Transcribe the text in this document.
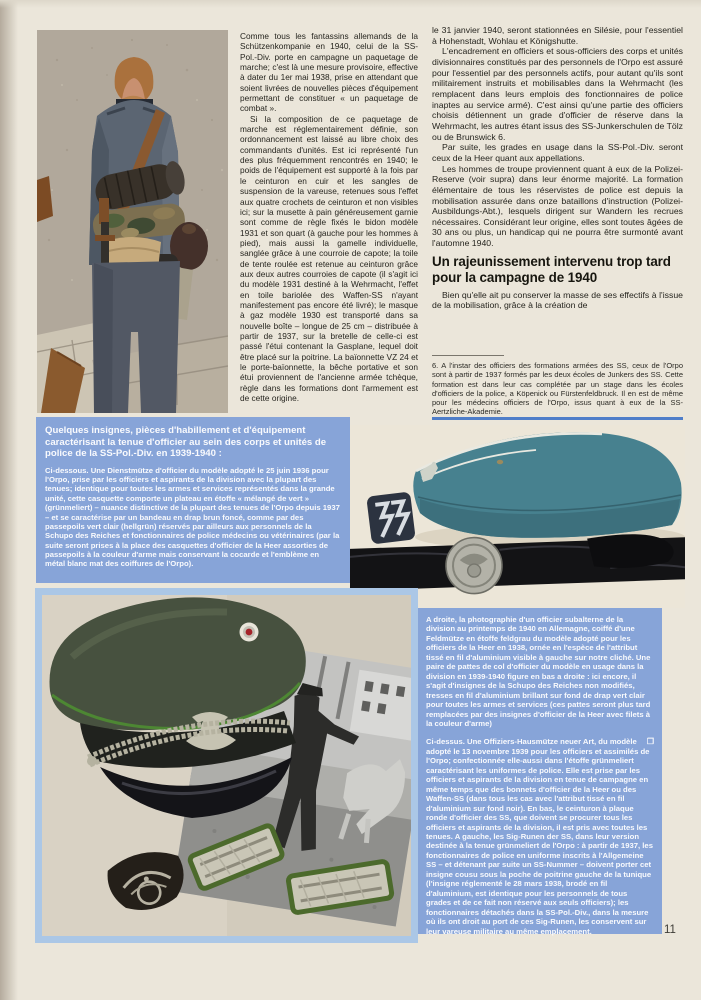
Comme tous les fantassins allemands de la Schützenkompanie en 1940, celui de la SS-Pol.-Div. porte en campagne un paquetage de marche; c'est là une mesure provisoire, effective à dater du 1er mai 1938, prise en attendant que soient livrées de nouvelles pièces d'équipement permettant de constituer « un paquetage de combat ».

Si la composition de ce paquetage de marche est réglementairement définie, son ordonnancement est laissé au libre choix des commandants d'unités. Est ici représenté l'un des plus fréquemment rencontrés en 1940; le poids de l'équipement est supporté à la fois par le ceinturon en cuir et les sangles de suspension de la vareuse, retenues sous l'effet aux quatre crochets de ceinturon et non visibles ici; sur la musette à pain généreusement garnie sont comme de règle fixés le bidon modèle 1931 et son quart (à gauche pour les hommes à pied), mais aussi la gamelle individuelle, sanglée grâce à une courroie de capote; la toile de tente roulée est retenue au ceinturon grâce aux deux autres courroies de capote (il s'agit ici du modèle 1931 destiné à la Wehrmacht, l'effet en toile bariolée des Waffen-SS n'ayant manifestement pas encore été livré); le masque à gaz modèle 1930 est transporté dans sa nouvelle boîte – longue de 25 cm – distribuée à partir de 1937, sur la bretelle de celle-ci est passé l'étui contenant la Gasplane, lequel doit être placé sur la poitrine. La baïonnette VZ 24 et le porte-baïonnette, la bêche portative et son étui proviennent de l'ancienne armée tchèque, règle dans les formations dont l'armement est de cette origine.

le 31 janvier 1940, seront stationnées en Silésie, pour l'essentiel à Hohenstadt, Wohlau et Königshutte.

L'encadrement en officiers et sous-officiers des corps et unités divisionnaires constitués par des personnels de l'Orpo est assuré pour l'essentiel par des personnels actifs, pour autant qu'ils sont militairement instruits et mobilisables dans la Wehrmacht (les remplacent dans leurs emplois des fonctionnaires de police inaptes au service armé). C'est ainsi qu'une partie des officiers choisis détiennent un grade d'officier de réserve dans la Wehrmacht, les autres étant issus des SS-Junkerschulen de Tölz ou de Brunswick 6.

Par suite, les grades en usage dans la SS-Pol.-Div. seront ceux de la Heer quant aux appellations.

Les hommes de troupe proviennent quant à eux de la Polizei-Reserve (voir supra) dans leur énorme majorité. La formation élémentaire de tous les réservistes de police est depuis la mobilisation assurée dans onze bataillons d'instruction (Polizei-Ausbildungs-Abt.), lesquels dirigent sur Wandern les recrues nécessaires. Considérant leur origine, elles sont toutes âgées de 30 ans ou plus, un handicap qui ne pourra être surmonté avant l'automne 1940.

Un rajeunissement intervenu trop tard pour la campagne de 1940

Bien qu'elle ait pu conserver la masse de ses effectifs à l'issue de la mobilisation, grâce à la création de

6. A l'instar des officiers des formations armées des SS, ceux de l'Orpo sont à partir de 1937 formés par les deux écoles de Junkers des SS. Cette formation est dans leur cas complétée par un stage dans les écoles d'officiers de la police, a Köpenick ou Fürstenfeldbruck. Il en est de même pour les médecins officiers de l'Orpo, issus quant à eux de la SS-Aertzliche-Akademie.

Quelques insignes, pièces d'habillement et d'équipement caractérisant la tenue d'officier au sein des corps et unités de police de la SS-Pol.-Div. en 1939-1940 :

Ci-dessous. Une Dienstmütze d'officier du modèle adopté le 25 juin 1936 pour l'Orpo, prise par les officiers et aspirants de la division avec la plupart des tenues; identique pour toutes les armes et services représentés dans la grande unité, cette casquette comporte un plateau en étoffe « mélangé de vert » (grünmeliert) – nuance distinctive de la plupart des tenues de l'Orpo depuis 1937 – et se caractérise par un bandeau en drap brun foncé, comme par des passepoils vert clair (hellgrün) réservés par ailleurs aux personnels de la Schupo des Reiches et fonctionnaires de police médecins ou vétérinaires (par la suite seront prises à la place des casquettes d'officier de la Heer assorties de passepoils à la couleur d'arme mais conservant la cocarde et l'emblème en métal blanc mat des coiffures de l'Orpo).

A droite, la photographie d'un officier subalterne de la division au printemps de 1940 en Allemagne, coiffé d'une Feldmütze en étoffe feldgrau du modèle adopté pour les officiers de la Heer en 1938, ornée en l'espèce de l'attribut tissé en fil d'aluminium visible à gauche sur notre cliché. Une paire de pattes de col d'officier du modèle en usage dans la division en 1939-1940 figure en bas a droite : ici encore, il s'agit d'insignes de la Schupo des Reiches non modifiés, tresses en fil d'aluminium brillant sur fond de drap vert clair pour toutes les armes et services (ces pattes seront plus tard remplacées par des insignes d'officier de la Heer avec filets à la couleur d'arme)

❐
Ci-dessus. Une Offiziers-Hausmütze neuer Art, du modèle adopté le 13 novembre 1939 pour les officiers et assimilés de l'Orpo; confectionnée elle-aussi dans l'étoffe grünmeliert caractérisant les uniformes de police. Elle est prise par les officiers et aspirants de la division en tenue de campagne en même temps que des bonnets d'officier de la Heer ou des Waffen-SS (dans tous les cas avec l'attribut tissé en fil d'aluminium sur fond noir). En bas, le ceinturon à plaque ronde d'officier des SS, que doivent se procurer tous les officiers et aspirants de la division, il est pris avec toutes les tenues. A gauche, les Sig-Runen der SS, dans leur version destinée à la tenue grünmeliert de l'Orpo : à partir de 1937, les fonctionnaires de police en uniforme inscrits à l'Allgemeine SS – et détenant par suite un SS-Nummer – doivent porter cet insigne cousu sous la poche de poitrine gauche de la tunique (l'insigne réglementé le 28 mars 1938, brodé en fil d'aluminium, est identique pour les personnels de tous grades et de ce fait non réservé aux seuls officiers); les fonctionnaires détachés dans la SS-Pol.-Div., dans la mesure où ils ont droit au port de ces Sig-Runen, les conservent sur leur vareuse militaire au même emplacement.	11
